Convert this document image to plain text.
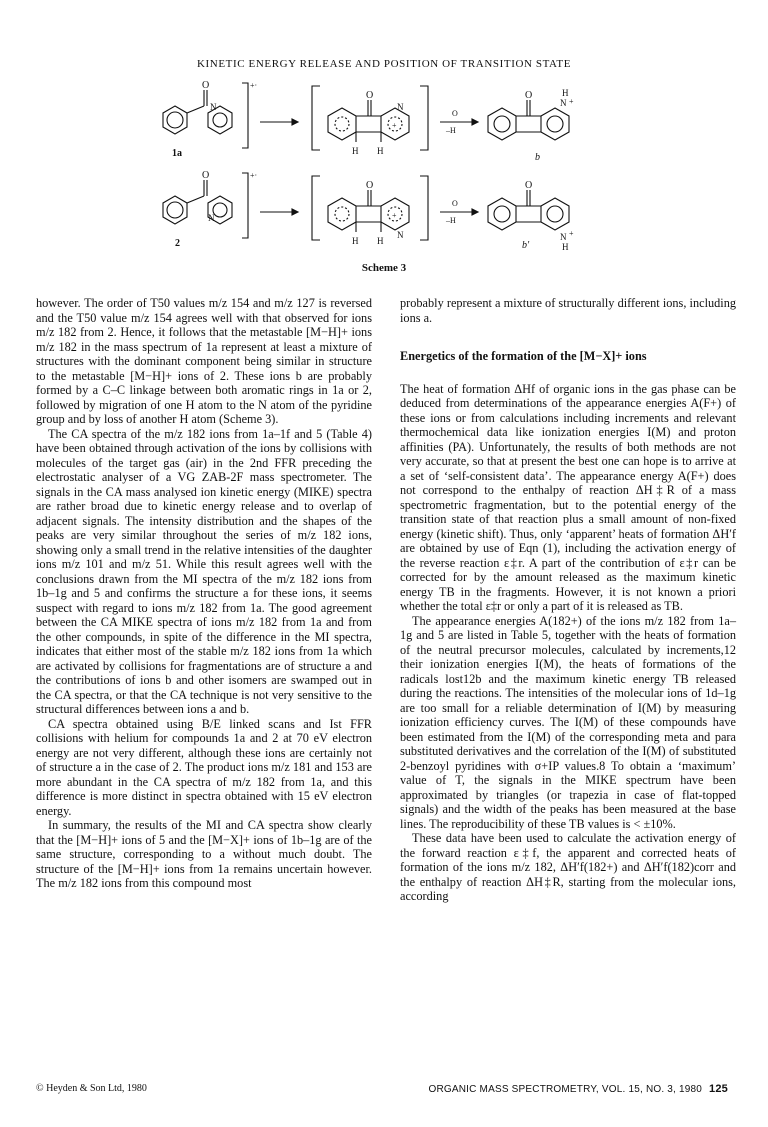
KINETIC ENERGY RELEASE AND POSITION OF TRANSITION STATE
O
N
+·
1a
O
N
+·
2
O
N
H H
+
O
N
H H
+
O
–H
O
–H
O	H
N +
b
O
N +
H
b′
Scheme 3

however. The order of T50 values m/z 154 and m/z 127 is reversed and the T50 value m/z 154 agrees well with that observed for ions m/z 182 from 2. Hence, it follows that the metastable [M−H]+ ions m/z 182 in the mass spectrum of 1a represent at least a mixture of structures with the dominant component being similar in structure to the metastable [M−H]+ ions of 2. These ions b are probably formed by a C–C linkage between both aromatic rings in 1a or 2, followed by migration of one H atom to the N atom of the pyridine group and by loss of another H atom (Scheme 3).

The CA spectra of the m/z 182 ions from 1a–1f and 5 (Table 4) have been obtained through activation of the ions by collisions with molecules of the target gas (air) in the 2nd FFR preceding the electrostatic analyser of a VG ZAB-2F mass spectrometer. The signals in the CA mass analysed ion kinetic energy (MIKE) spectra are rather broad due to kinetic energy release and to overlap of adjacent signals. The intensity distribution and the shapes of the peaks are very similar throughout the series of m/z 182 ions, showing only a small trend in the relative intensities of the daughter ions m/z 101 and m/z 51. While this result agrees well with the conclusions drawn from the MI spectra of the m/z 182 ions from 1b–1g and 5 and confirms the structure a for these ions, it seems suspect with regard to ions m/z 182 from 1a. The good agreement between the CA MIKE spectra of ions m/z 182 from 1a and from the other compounds, in spite of the difference in the MI spectra, indicates that either most of the stable m/z 182 ions from 1a which are activated by collisions for fragmentations are of structure a and the contributions of ions b and other isomers are swamped out in the CA spectra, or that the CA technique is not very sensitive to the structural differences between ions a and b.

CA spectra obtained using B/E linked scans and Ist FFR collisions with helium for compounds 1a and 2 at 70 eV electron energy are not very different, although these ions are certainly not of structure a in the case of 2. The product ions m/z 181 and 153 are more abundant in the CA spectra of m/z 182 from 1a, and this difference is more distinct in spectra obtained with 15 eV electron energy.

In summary, the results of the MI and CA spectra show clearly that the [M−H]+ ions of 5 and the [M−X]+ ions of 1b–1g are of the same structure, corresponding to a without much doubt. The structure of the [M−H]+ ions from 1a remains uncertain however. The m/z 182 ions from this compound most

probably represent a mixture of structurally different ions, including ions a.

Energetics of the formation of the [M−X]+ ions

The heat of formation ΔHf of organic ions in the gas phase can be deduced from determinations of the appearance energies A(F+) of these ions or from calculations including increments and relevant thermochemical data like ionization energies I(M) and proton affinities (PA). Unfortunately, the results of both methods are not very accurate, so that at present the best one can hope is to arrive at a set of ‘self-consistent data’. The appearance energy A(F+) does not correspond to the enthalpy of reaction ΔH‡R of a mass spectrometric fragmentation, but to the potential energy of the transition state of that reaction plus a small amount of non-fixed energy (kinetic shift). Thus, only ‘apparent’ heats of formation ΔH′f are obtained by use of Eqn (1), including the activation energy of the reverse reaction ε‡r. A part of the contribution of ε‡r can be corrected for by the amount released as the maximum kinetic energy TB in the fragments. However, it is not known a priori whether the total ε‡r or only a part of it is released as TB.

The appearance energies A(182+) of the ions m/z 182 from 1a–1g and 5 are listed in Table 5, together with the heats of formation of the neutral precursor molecules, calculated by increments,12 their ionization energies I(M), the heats of formations of the radicals lost12b and the maximum kinetic energy TB released during the reactions. The intensities of the molecular ions of 1d–1g are too small for a reliable determination of I(M) by measuring ionization efficiency curves. The I(M) of these compounds have been estimated from the I(M) of the corresponding meta and para substituted derivatives and the correlation of the I(M) of substituted 2-benzoyl pyridines with σ+IP values.8 To obtain a ‘maximum’ value of T, the signals in the MIKE spectrum have been approximated by triangles (or trapezia in case of flat-topped signals) and the width of the peaks has been measured at the base lines. The reproducibility of these TB values is < ±10%.

These data have been used to calculate the activation energy of the forward reaction ε‡f, the apparent and corrected heats of formation of the ions m/z 182, ΔH′f(182+) and ΔH′f(182)corr and the enthalpy of reaction ΔH‡R, starting from the molecular ions, according

© Heyden & Son Ltd, 1980	ORGANIC MASS SPECTROMETRY, VOL. 15, NO. 3, 1980 125
